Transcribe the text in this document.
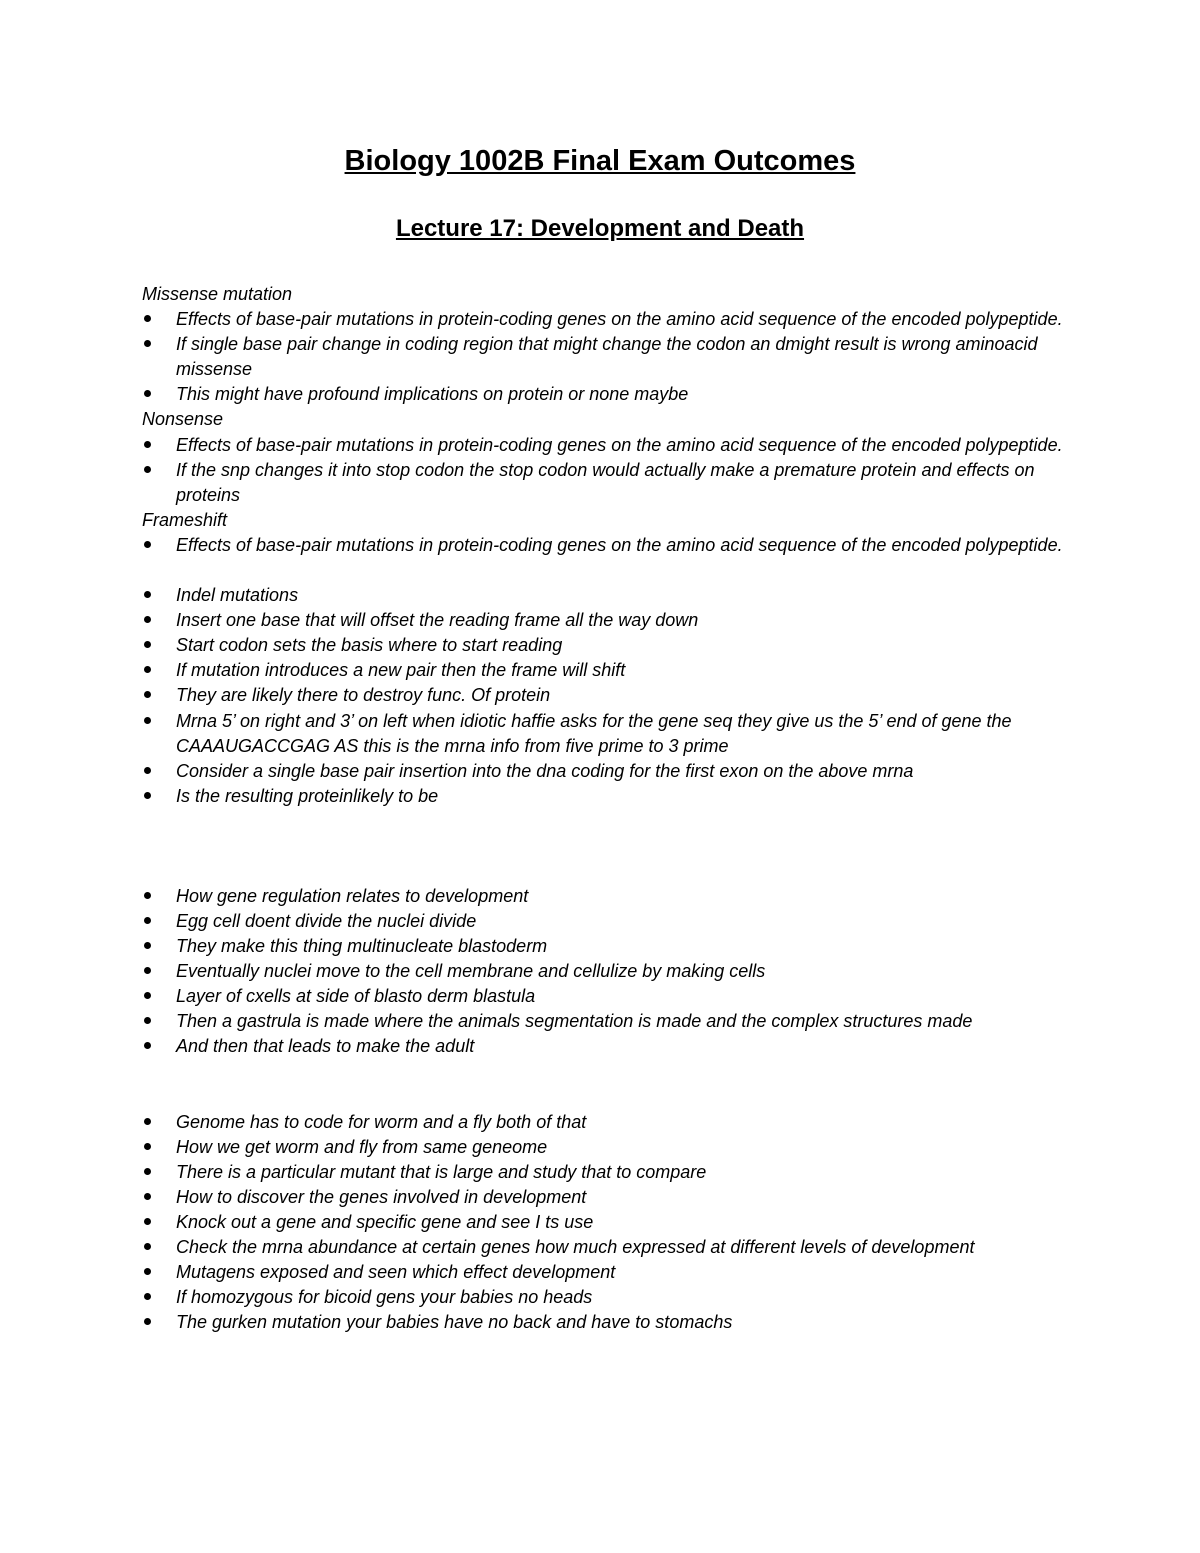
Biology 1002B Final Exam Outcomes
Lecture 17: Development and Death
Missense mutation
Effects of base-pair mutations in protein-coding genes on the amino acid sequence of the encoded polypeptide.
If single base pair change in coding region that might change the codon an dmight result is wrong aminoacid missense
This might have profound implications on protein or none maybe
Nonsense
Effects of base-pair mutations in protein-coding genes on the amino acid sequence of the encoded polypeptide.
If the snp changes it into stop codon the stop codon would actually make a premature protein and effects on proteins
Frameshift
Effects of base-pair mutations in protein-coding genes on the amino acid sequence of the encoded polypeptide.
Indel mutations
Insert one base that will offset the reading frame all the way down
Start codon sets the basis where to start reading
If mutation introduces a new pair then the frame will shift
They are likely there to destroy func. Of protein
Mrna 5’ on right and 3’ on left when idiotic haffie asks for the gene seq they give us the 5’ end of gene the CAAAUGACCGAG AS this is the mrna info from five prime to 3 prime
Consider a single base pair insertion into the dna coding for the first exon on the above mrna
Is the resulting proteinlikely to be
How gene regulation relates to development
Egg cell doent divide the nuclei divide
They make this thing multinucleate blastoderm
Eventually nuclei move to the cell membrane and cellulize by making cells
Layer of cxells at side of blasto derm blastula
Then a gastrula is made where the animals segmentation is made and the complex structures made
And then that leads to make the adult
Genome has to code for worm and a fly both of that
How we get worm and fly from same geneome
There is a particular mutant that is large and study that to compare
How to discover the genes involved in development
Knock out a gene and specific gene and see I ts use
Check the mrna abundance at certain genes how much expressed at different levels of development
Mutagens exposed and seen which effect development
If homozygous for bicoid gens your babies no heads
The gurken mutation your babies have no back and have to stomachs
